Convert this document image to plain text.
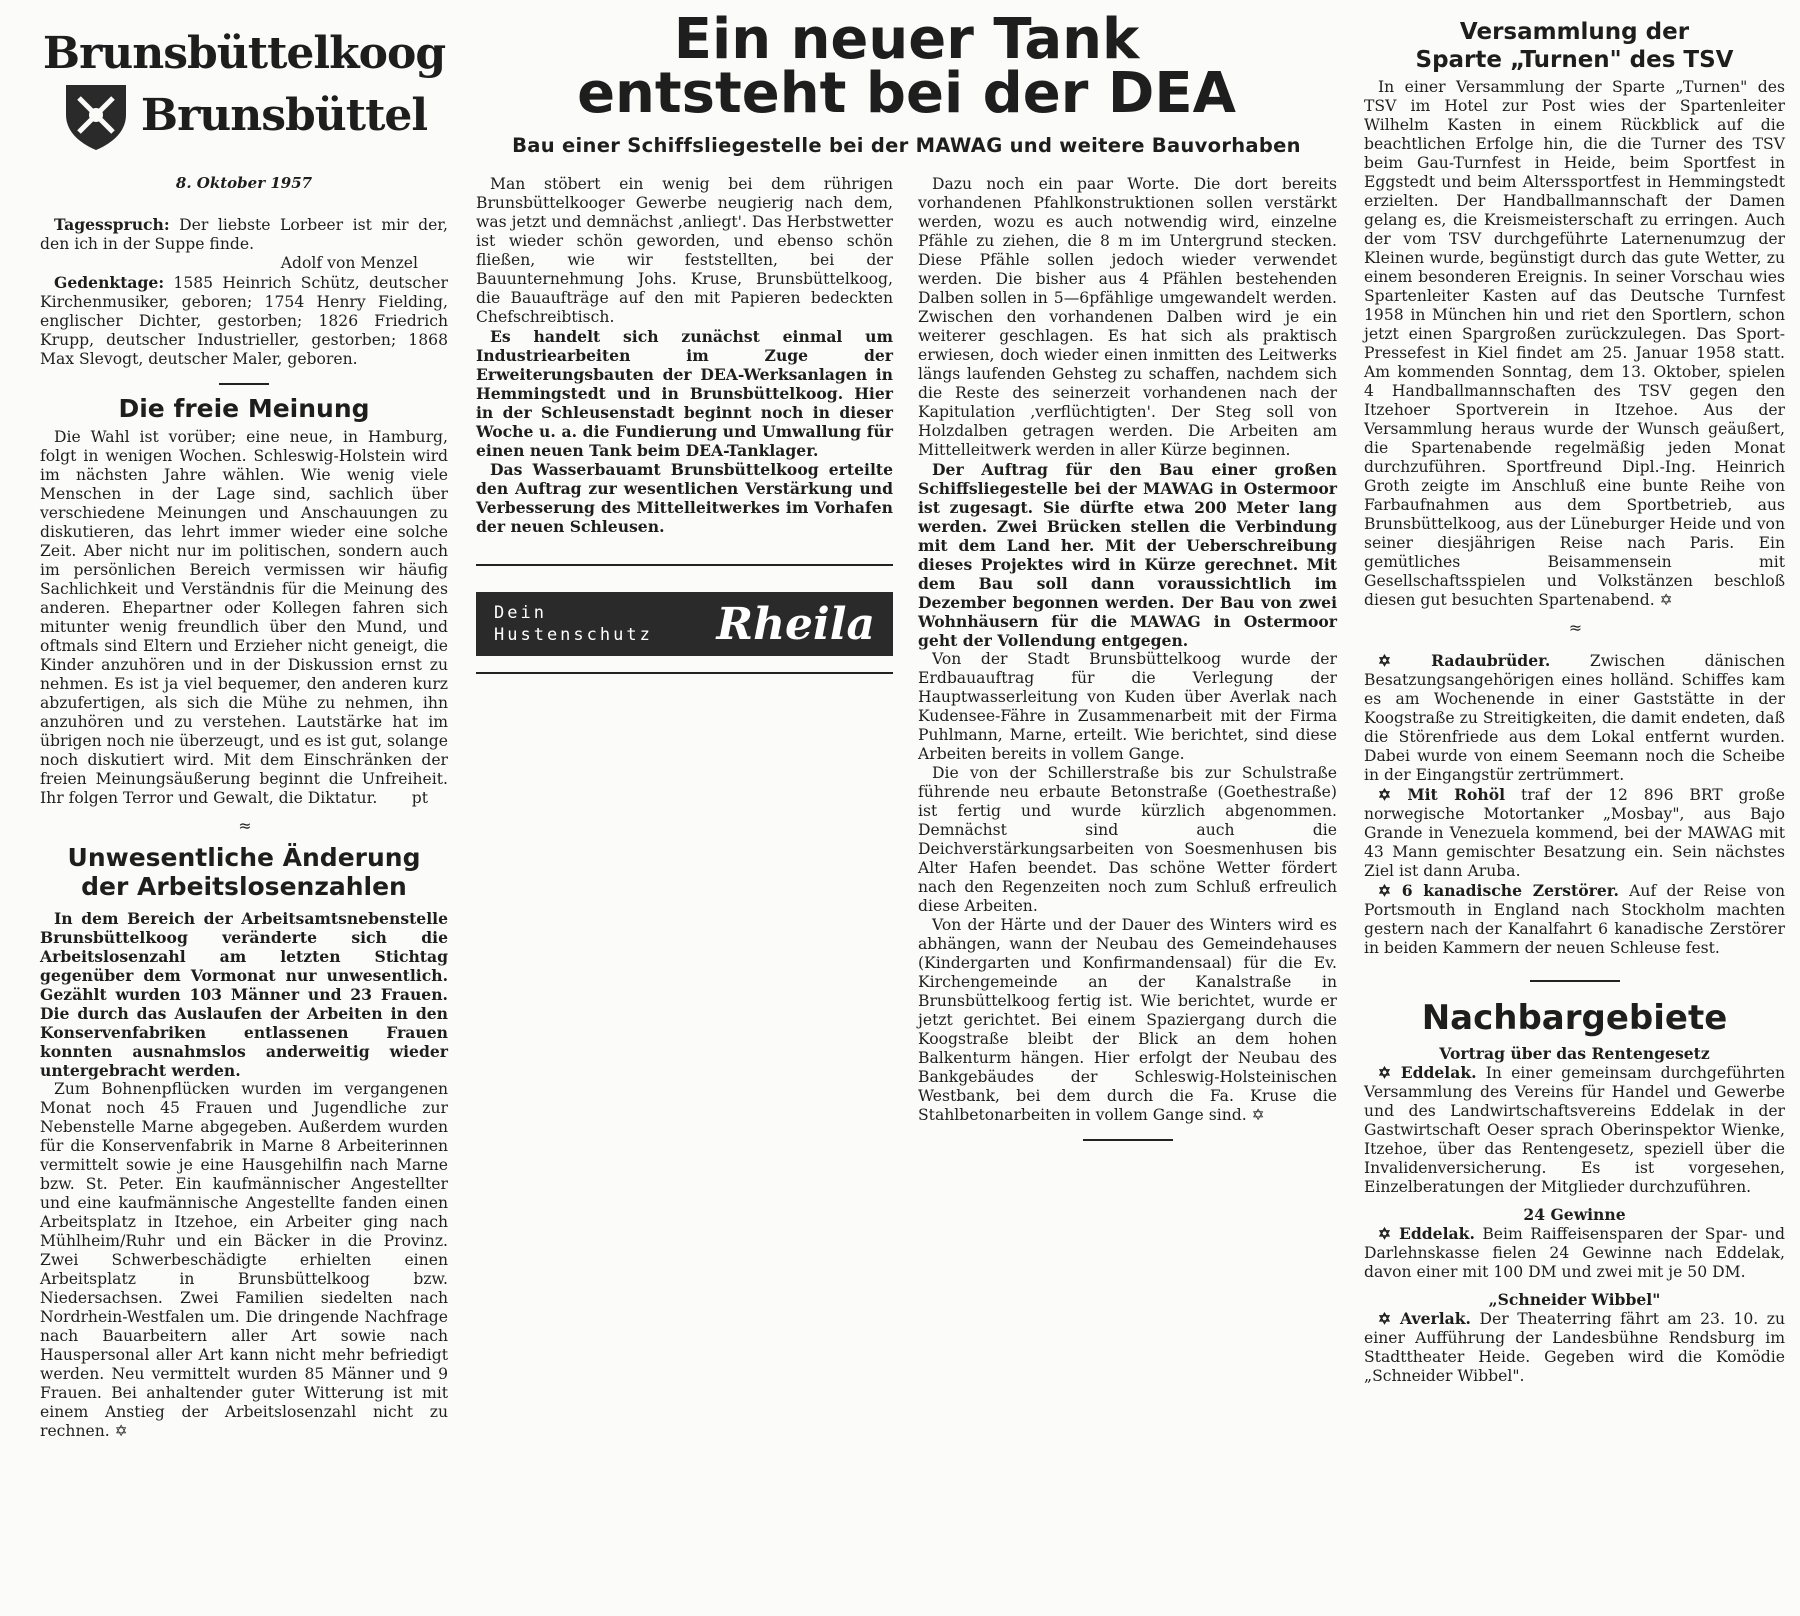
Brunsbüttelkoog
Brunsbüttel
8. Oktober 1957

Tagesspruch: Der liebste Lorbeer ist mir der, den ich in der Suppe finde.

Adolf von Menzel

Gedenktage: 1585 Heinrich Schütz, deutscher Kirchenmusiker, geboren; 1754 Henry Fielding, englischer Dichter, gestorben; 1826 Friedrich Krupp, deutscher Industrieller, gestorben; 1868 Max Slevogt, deutscher Maler, geboren.

Die freie Meinung

Die Wahl ist vorüber; eine neue, in Hamburg, folgt in wenigen Wochen. Schleswig-Holstein wird im nächsten Jahre wählen. Wie wenig viele Menschen in der Lage sind, sachlich über verschiedene Meinungen und Anschauungen zu diskutieren, das lehrt immer wieder eine solche Zeit. Aber nicht nur im politischen, sondern auch im persönlichen Bereich vermissen wir häufig Sachlichkeit und Verständnis für die Meinung des anderen. Ehepartner oder Kollegen fahren sich mitunter wenig freundlich über den Mund, und oftmals sind Eltern und Erzieher nicht geneigt, die Kinder anzuhören und in der Diskussion ernst zu nehmen. Es ist ja viel bequemer, den anderen kurz abzufertigen, als sich die Mühe zu nehmen, ihn anzuhören und zu verstehen. Lautstärke hat im übrigen noch nie überzeugt, und es ist gut, solange noch diskutiert wird. Mit dem Einschränken der freien Meinungsäußerung beginnt die Unfreiheit. Ihr folgen Terror und Gewalt, die Diktatur.	pt

≈
Unwesentliche Änderung der Arbeitslosenzahlen

In dem Bereich der Arbeitsamtsnebenstelle Brunsbüttelkoog veränderte sich die Arbeitslosenzahl am letzten Stichtag gegenüber dem Vormonat nur unwesentlich. Gezählt wurden 103 Männer und 23 Frauen. Die durch das Auslaufen der Arbeiten in den Konservenfabriken entlassenen Frauen konnten ausnahmslos anderweitig wieder untergebracht werden.

Zum Bohnenpflücken wurden im vergangenen Monat noch 45 Frauen und Jugendliche zur Nebenstelle Marne abgegeben. Außerdem wurden für die Konservenfabrik in Marne 8 Arbeiterinnen vermittelt sowie je eine Hausgehilfin nach Marne bzw. St. Peter. Ein kaufmännischer Angestellter und eine kaufmännische Angestellte fanden einen Arbeitsplatz in Itzehoe, ein Arbeiter ging nach Mühlheim/Ruhr und ein Bäcker in die Provinz. Zwei Schwerbeschädigte erhielten einen Arbeitsplatz in Brunsbüttelkoog bzw. Niedersachsen. Zwei Familien siedelten nach Nordrhein-Westfalen um. Die dringende Nachfrage nach Bauarbeitern aller Art sowie nach Hauspersonal aller Art kann nicht mehr befriedigt werden. Neu vermittelt wurden 85 Männer und 9 Frauen. Bei anhaltender guter Witterung ist mit einem Anstieg der Arbeitslosenzahl nicht zu rechnen. ✡

Ein neuer Tank
entsteht bei der DEA
Bau einer Schiffsliegestelle bei der MAWAG und weitere Bauvorhaben

Man stöbert ein wenig bei dem rührigen Brunsbüttelkooger Gewerbe neugierig nach dem, was jetzt und demnächst ‚anliegt'. Das Herbstwetter ist wieder schön geworden, und ebenso schön fließen, wie wir feststellten, bei der Bauunternehmung Johs. Kruse, Brunsbüttelkoog, die Bauaufträge auf den mit Papieren bedeckten Chefschreibtisch.

Es handelt sich zunächst einmal um Industriearbeiten im Zuge der Erweiterungsbauten der DEA-Werksanlagen in Hemmingstedt und in Brunsbüttelkoog. Hier in der Schleusenstadt beginnt noch in dieser Woche u. a. die Fundierung und Umwallung für einen neuen Tank beim DEA-Tanklager.

Das Wasserbauamt Brunsbüttelkoog erteilte den Auftrag zur wesentlichen Verstärkung und Verbesserung des Mittelleitwerkes im Vorhafen der neuen Schleusen.

Dein
Hustenschutz Rheila

Dazu noch ein paar Worte. Die dort bereits vorhandenen Pfahlkonstruktionen sollen verstärkt werden, wozu es auch notwendig wird, einzelne Pfähle zu ziehen, die 8 m im Untergrund stecken. Diese Pfähle sollen jedoch wieder verwendet werden. Die bisher aus 4 Pfählen bestehenden Dalben sollen in 5—6pfählige umgewandelt werden. Zwischen den vorhandenen Dalben wird je ein weiterer geschlagen. Es hat sich als praktisch erwiesen, doch wieder einen inmitten des Leitwerks längs laufenden Gehsteg zu schaffen, nachdem sich die Reste des seinerzeit vorhandenen nach der Kapitulation ‚verflüchtigten'. Der Steg soll von Holzdalben getragen werden. Die Arbeiten am Mittelleitwerk werden in aller Kürze beginnen.

Der Auftrag für den Bau einer großen Schiffsliegestelle bei der MAWAG in Ostermoor ist zugesagt. Sie dürfte etwa 200 Meter lang werden. Zwei Brücken stellen die Verbindung mit dem Land her. Mit der Ueberschreibung dieses Projektes wird in Kürze gerechnet. Mit dem Bau soll dann voraussichtlich im Dezember begonnen werden. Der Bau von zwei Wohnhäusern für die MAWAG in Ostermoor geht der Vollendung entgegen.

Von der Stadt Brunsbüttelkoog wurde der Erdbauauftrag für die Verlegung der Hauptwasserleitung von Kuden über Averlak nach Kudensee-Fähre in Zusammenarbeit mit der Firma Puhlmann, Marne, erteilt. Wie berichtet, sind diese Arbeiten bereits in vollem Gange.

Die von der Schillerstraße bis zur Schulstraße führende neu erbaute Betonstraße (Goethestraße) ist fertig und wurde kürzlich abgenommen. Demnächst sind auch die Deichverstärkungsarbeiten von Soesmenhusen bis Alter Hafen beendet. Das schöne Wetter fördert nach den Regenzeiten noch zum Schluß erfreulich diese Arbeiten.

Von der Härte und der Dauer des Winters wird es abhängen, wann der Neubau des Gemeindehauses (Kindergarten und Konfirmandensaal) für die Ev. Kirchengemeinde an der Kanalstraße in Brunsbüttelkoog fertig ist. Wie berichtet, wurde er jetzt gerichtet. Bei einem Spaziergang durch die Koogstraße bleibt der Blick an dem hohen Balkenturm hängen. Hier erfolgt der Neubau des Bankgebäudes der Schleswig-Holsteinischen Westbank, bei dem durch die Fa. Kruse die Stahlbetonarbeiten in vollem Gange sind. ✡

Versammlung der
Sparte „Turnen" des TSV

In einer Versammlung der Sparte „Turnen" des TSV im Hotel zur Post wies der Spartenleiter Wilhelm Kasten in einem Rückblick auf die beachtlichen Erfolge hin, die die Turner des TSV beim Gau-Turnfest in Heide, beim Sportfest in Eggstedt und beim Alterssportfest in Hemmingstedt erzielten. Der Handballmannschaft der Damen gelang es, die Kreismeisterschaft zu erringen. Auch der vom TSV durchgeführte Laternenumzug der Kleinen wurde, begünstigt durch das gute Wetter, zu einem besonderen Ereignis. In seiner Vorschau wies Spartenleiter Kasten auf das Deutsche Turnfest 1958 in München hin und riet den Sportlern, schon jetzt einen Spargroßen zurückzulegen. Das Sport-Pressefest in Kiel findet am 25. Januar 1958 statt. Am kommenden Sonntag, dem 13. Oktober, spielen 4 Handballmannschaften des TSV gegen den Itzehoer Sportverein in Itzehoe. Aus der Versammlung heraus wurde der Wunsch geäußert, die Spartenabende regelmäßig jeden Monat durchzuführen. Sportfreund Dipl.-Ing. Heinrich Groth zeigte im Anschluß eine bunte Reihe von Farbaufnahmen aus dem Sportbetrieb, aus Brunsbüttelkoog, aus der Lüneburger Heide und von seiner diesjährigen Reise nach Paris. Ein gemütliches Beisammensein mit Gesellschaftsspielen und Volkstänzen beschloß diesen gut besuchten Spartenabend. ✡

≈

✡ Radaubrüder. Zwischen dänischen Besatzungsangehörigen eines holländ. Schiffes kam es am Wochenende in einer Gaststätte in der Koogstraße zu Streitigkeiten, die damit endeten, daß die Störenfriede aus dem Lokal entfernt wurden. Dabei wurde von einem Seemann noch die Scheibe in der Eingangstür zertrümmert.

✡ Mit Rohöl traf der 12 896 BRT große norwegische Motortanker „Mosbay", aus Bajo Grande in Venezuela kommend, bei der MAWAG mit 43 Mann gemischter Besatzung ein. Sein nächstes Ziel ist dann Aruba.

✡ 6 kanadische Zerstörer. Auf der Reise von Portsmouth in England nach Stockholm machten gestern nach der Kanalfahrt 6 kanadische Zerstörer in beiden Kammern der neuen Schleuse fest.

Nachbargebiete
Vortrag über das Rentengesetz

✡ Eddelak. In einer gemeinsam durchgeführten Versammlung des Vereins für Handel und Gewerbe und des Landwirtschaftsvereins Eddelak in der Gastwirtschaft Oeser sprach Oberinspektor Wienke, Itzehoe, über das Rentengesetz, speziell über die Invalidenversicherung. Es ist vorgesehen, Einzelberatungen der Mitglieder durchzuführen.

24 Gewinne

✡ Eddelak. Beim Raiffeisensparen der Spar- und Darlehnskasse fielen 24 Gewinne nach Eddelak, davon einer mit 100 DM und zwei mit je 50 DM.

„Schneider Wibbel"

✡ Averlak. Der Theaterring fährt am 23. 10. zu einer Aufführung der Landesbühne Rendsburg im Stadttheater Heide. Gegeben wird die Komödie „Schneider Wibbel".
